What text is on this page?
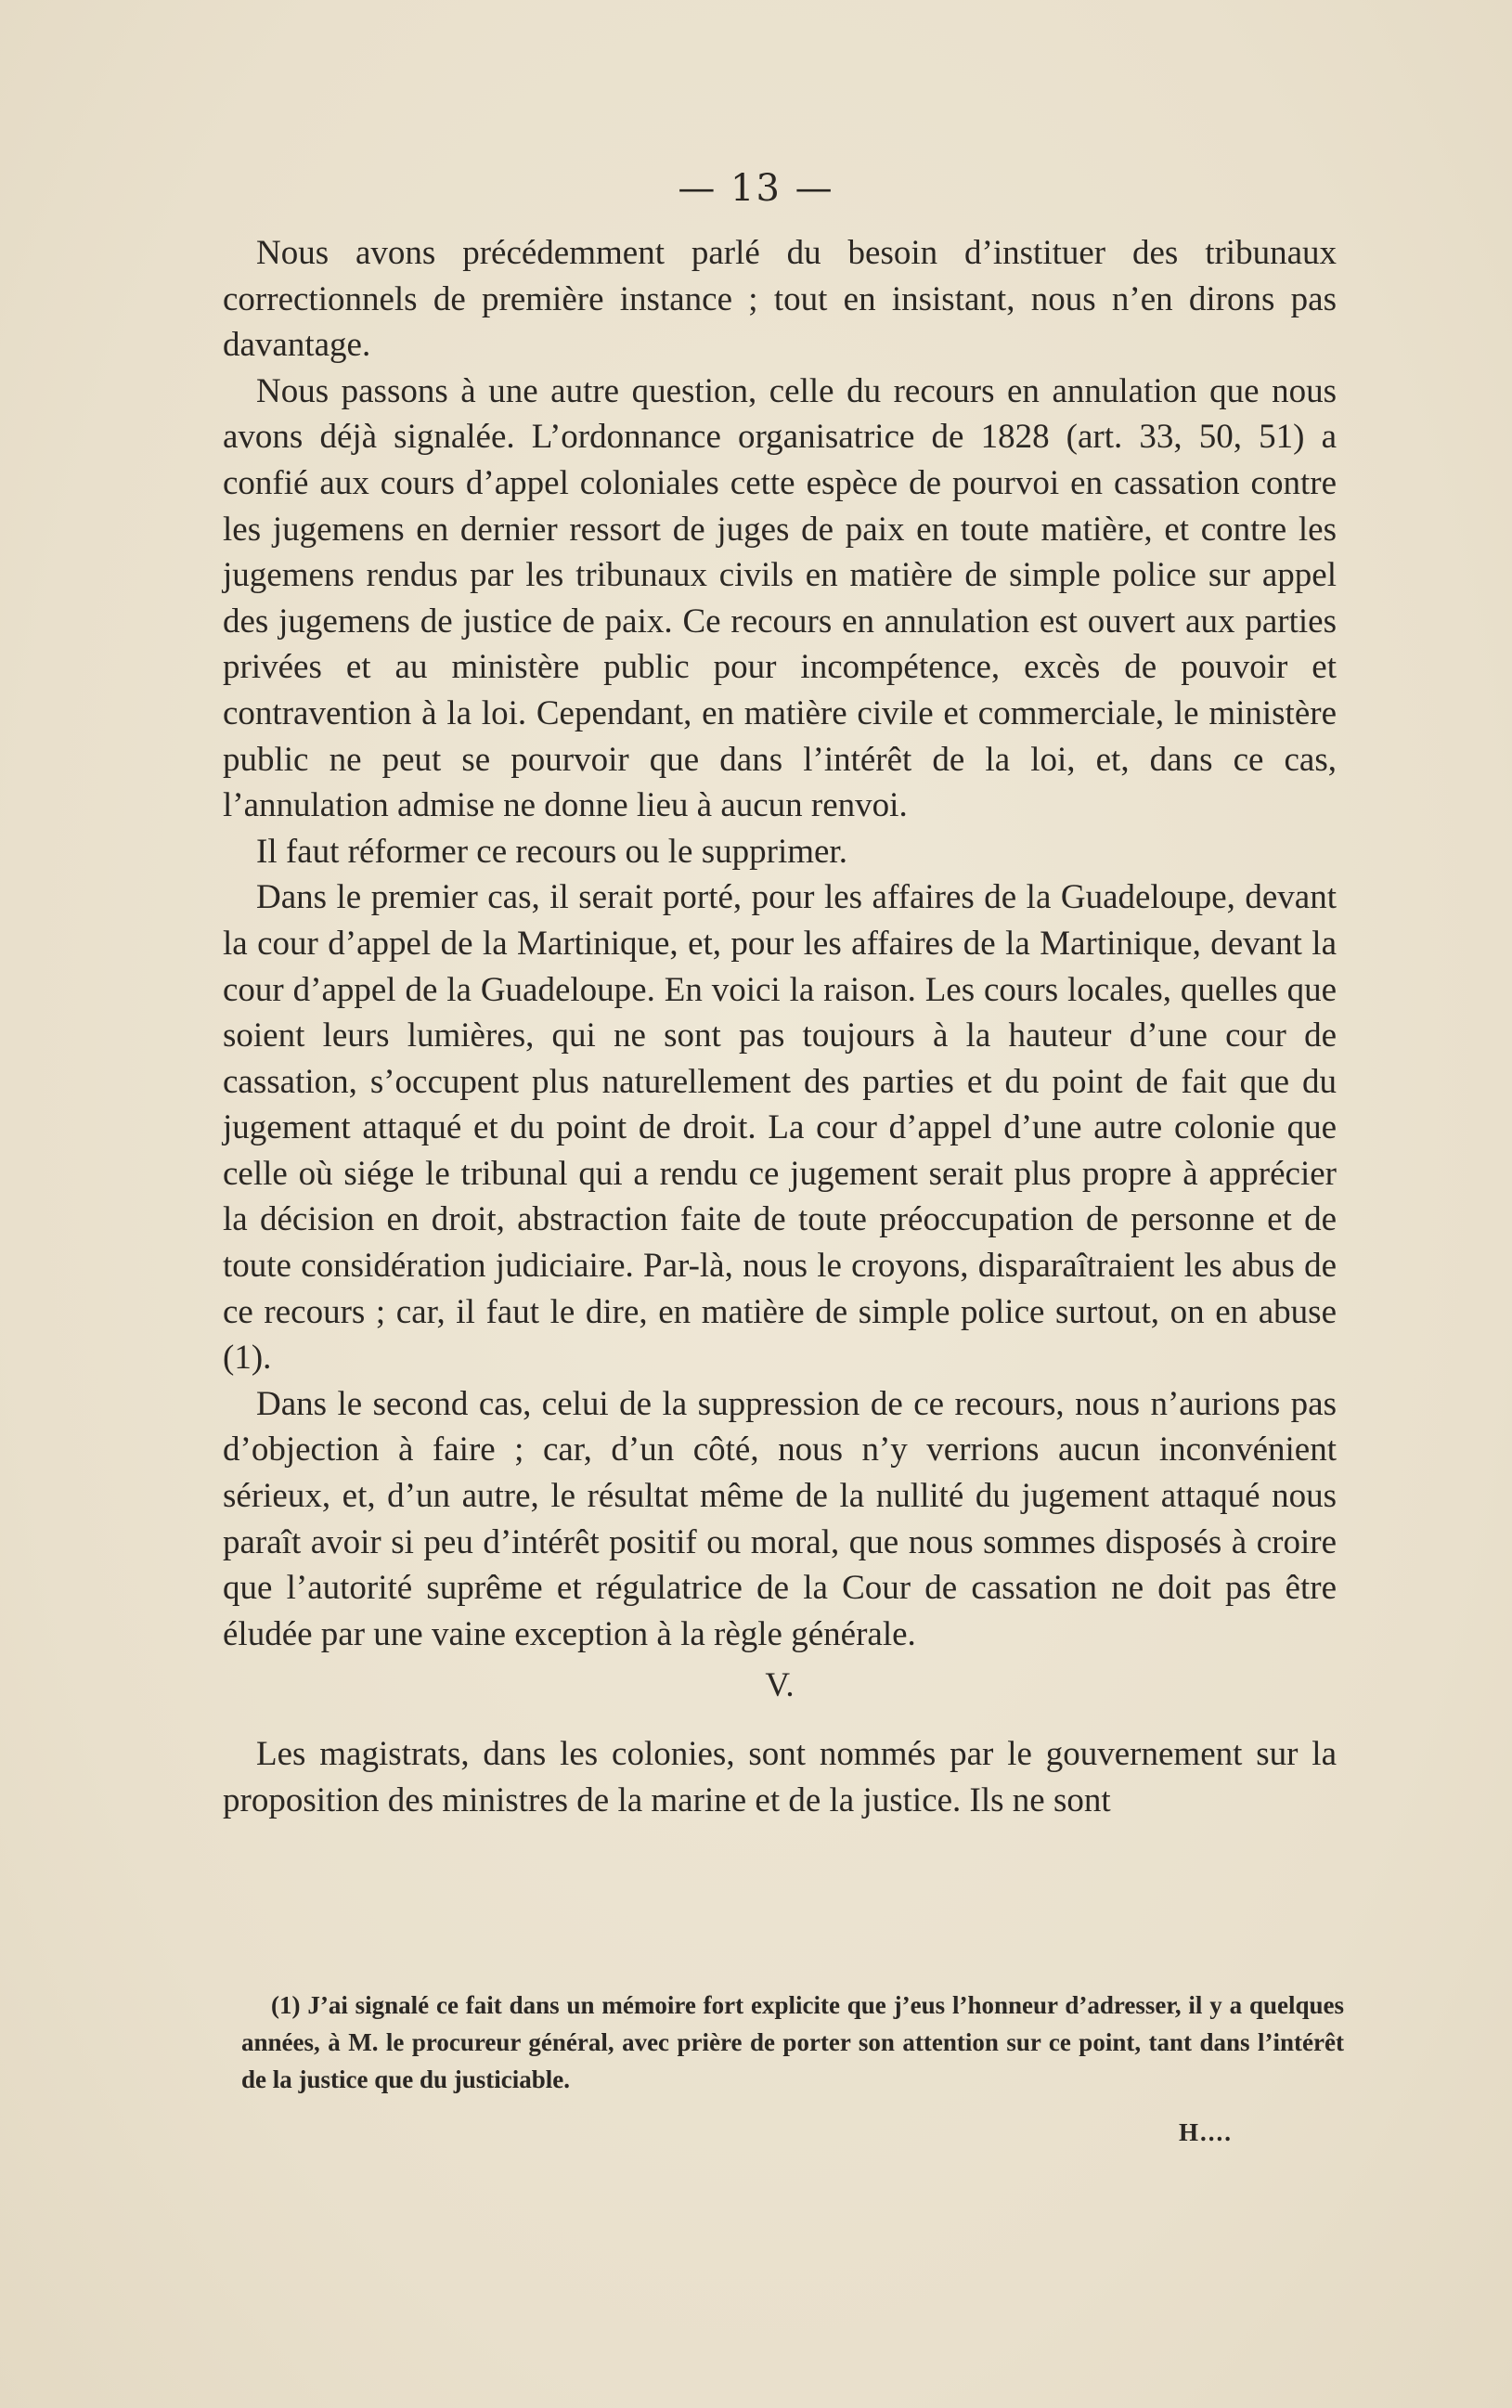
— 13 —

Nous avons précédemment parlé du besoin d’instituer des tribunaux correctionnels de première instance ; tout en insistant, nous n’en dirons pas davantage.

Nous passons à une autre question, celle du recours en annulation que nous avons déjà signalée. L’ordonnance organisatrice de 1828 (art. 33, 50, 51) a confié aux cours d’appel coloniales cette espèce de pourvoi en cassation contre les jugemens en dernier ressort de juges de paix en toute matière, et contre les jugemens rendus par les tribunaux civils en matière de simple police sur appel des jugemens de justice de paix. Ce recours en annulation est ouvert aux parties privées et au ministère public pour incompétence, excès de pouvoir et contravention à la loi. Cependant, en matière civile et commerciale, le ministère public ne peut se pourvoir que dans l’intérêt de la loi, et, dans ce cas, l’annulation admise ne donne lieu à aucun renvoi.

Il faut réformer ce recours ou le supprimer.

Dans le premier cas, il serait porté, pour les affaires de la Guadeloupe, devant la cour d’appel de la Martinique, et, pour les affaires de la Martinique, devant la cour d’appel de la Guadeloupe. En voici la raison. Les cours locales, quelles que soient leurs lumières, qui ne sont pas toujours à la hauteur d’une cour de cassation, s’occupent plus naturellement des parties et du point de fait que du jugement attaqué et du point de droit. La cour d’appel d’une autre colonie que celle où siége le tribunal qui a rendu ce jugement serait plus propre à apprécier la décision en droit, abstraction faite de toute préoccupation de personne et de toute considération judiciaire. Par-là, nous le croyons, disparaîtraient les abus de ce recours ; car, il faut le dire, en matière de simple police surtout, on en abuse (1).

Dans le second cas, celui de la suppression de ce recours, nous n’aurions pas d’objection à faire ; car, d’un côté, nous n’y verrions aucun inconvénient sérieux, et, d’un autre, le résultat même de la nullité du jugement attaqué nous paraît avoir si peu d’intérêt positif ou moral, que nous sommes disposés à croire que l’autorité suprême et régulatrice de la Cour de cassation ne doit pas être éludée par une vaine exception à la règle générale.

V.

Les magistrats, dans les colonies, sont nommés par le gouvernement sur la proposition des ministres de la marine et de la justice. Ils ne sont

(1) J’ai signalé ce fait dans un mémoire fort explicite que j’eus l’honneur d’adresser, il y a quelques années, à M. le procureur général, avec prière de porter son attention sur ce point, tant dans l’intérêt de la justice que du justiciable.

H....
